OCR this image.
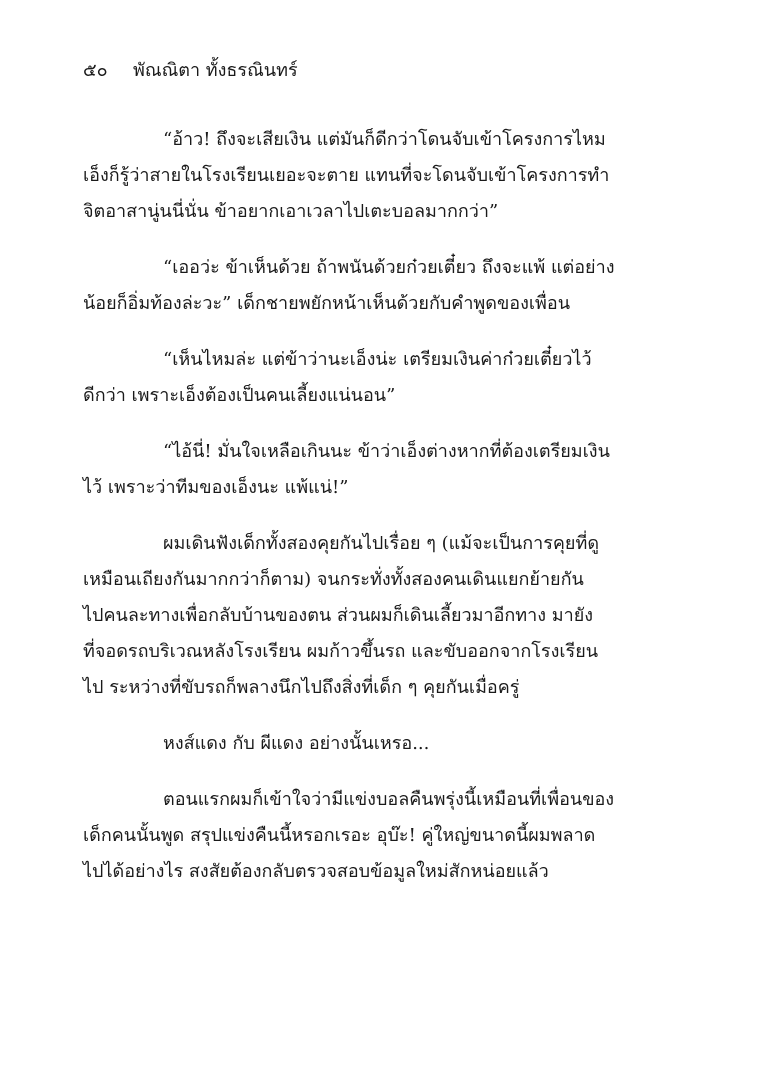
๕๐ พัณณิตา ทั้งธรณินทร์

“อ้าว! ถึงจะเสียเงิน แต่มันก็ดีกว่าโดนจับเข้าโครงการไหม
เอ็งก็รู้ว่าสายในโรงเรียนเยอะจะตาย แทนที่จะโดนจับเข้าโครงการทำ
จิตอาสานู่นนี่นั่น ข้าอยากเอาเวลาไปเตะบอลมากกว่า”

“เออว่ะ ข้าเห็นด้วย ถ้าพนันด้วยก๋วยเตี๋ยว ถึงจะแพ้ แต่อย่าง
น้อยก็อิ่มท้องล่ะวะ” เด็กชายพยักหน้าเห็นด้วยกับคำพูดของเพื่อน

“เห็นไหมล่ะ แต่ข้าว่านะเอ็งน่ะ เตรียมเงินค่าก๋วยเตี๋ยวไว้
ดีกว่า เพราะเอ็งต้องเป็นคนเลี้ยงแน่นอน”

“ไอ้นี่! มั่นใจเหลือเกินนะ ข้าว่าเอ็งต่างหากที่ต้องเตรียมเงิน
ไว้ เพราะว่าทีมของเอ็งนะ แพ้แน่!”

ผมเดินฟังเด็กทั้งสองคุยกันไปเรื่อย ๆ (แม้จะเป็นการคุยที่ดู
เหมือนเถียงกันมากกว่าก็ตาม) จนกระทั่งทั้งสองคนเดินแยกย้ายกัน
ไปคนละทางเพื่อกลับบ้านของตน ส่วนผมก็เดินเลี้ยวมาอีกทาง มายัง
ที่จอดรถบริเวณหลังโรงเรียน ผมก้าวขึ้นรถ และขับออกจากโรงเรียน
ไป ระหว่างที่ขับรถก็พลางนึกไปถึงสิ่งที่เด็ก ๆ คุยกันเมื่อครู่

หงส์แดง กับ ผีแดง อย่างนั้นเหรอ...

ตอนแรกผมก็เข้าใจว่ามีแข่งบอลคืนพรุ่งนี้เหมือนที่เพื่อนของ
เด็กคนนั้นพูด สรุปแข่งคืนนี้หรอกเรอะ อุบ๊ะ! คู่ใหญ่ขนาดนี้ผมพลาด
ไปได้อย่างไร สงสัยต้องกลับตรวจสอบข้อมูลใหม่สักหน่อยแล้ว
